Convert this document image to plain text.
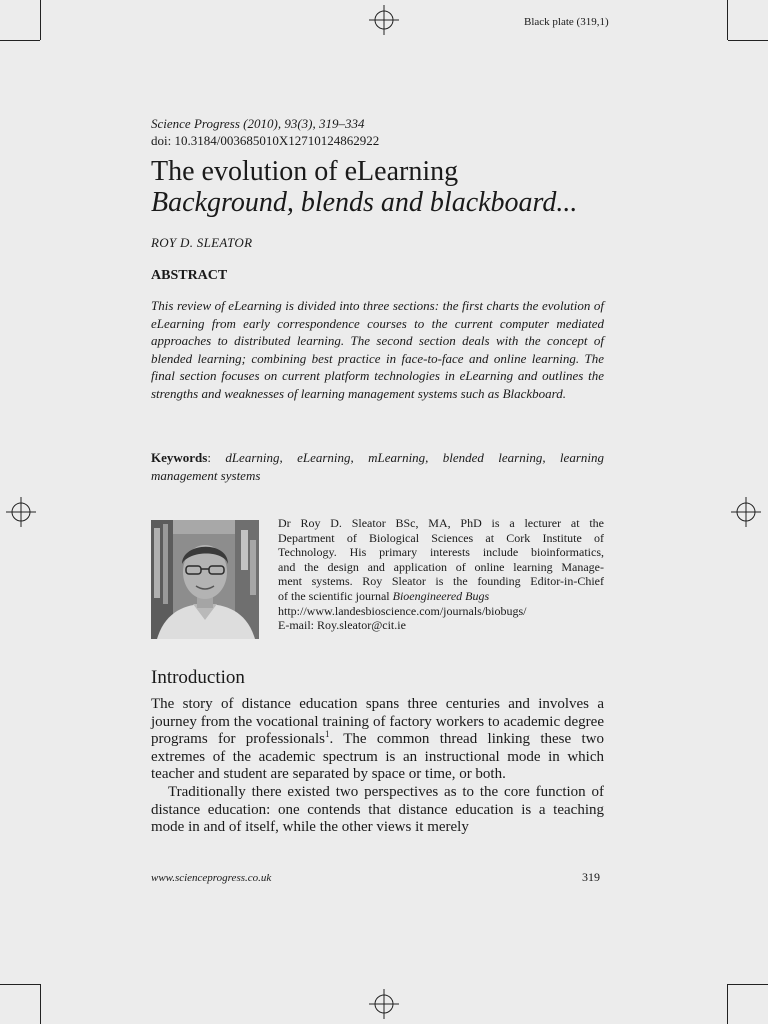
Black plate (319,1)
Science Progress (2010), 93(3), 319–334
doi: 10.3184/003685010X12710124862922
The evolution of eLearning
Background, blends and blackboard...
ROY D. SLEATOR
ABSTRACT
This review of eLearning is divided into three sections: the first charts the evolution of eLearning from early correspondence courses to the current computer mediated approaches to distributed learning. The second section deals with the concept of blended learning; combining best practice in face-to-face and online learning. The final section focuses on current platform technologies in eLearning and outlines the strengths and weaknesses of learning management systems such as Blackboard.
Keywords: dLearning, eLearning, mLearning, blended learning, learning management systems
Dr Roy D. Sleator BSc, MA, PhD is a lecturer at the
Department of Biological Sciences at Cork Institute of
Technology. His primary interests include bioinformatics,
and the design and application of online learning Manage-
ment systems. Roy Sleator is the founding Editor-in-Chief
of the scientific journal Bioengineered Bugs
http://www.landesbioscience.com/journals/biobugs/
E-mail: Roy.sleator@cit.ie
Introduction

The story of distance education spans three centuries and involves a journey from the vocational training of factory workers to academic degree programs for professionals$^1$. The common thread linking these two extremes of the academic spectrum is an instructional mode in which teacher and student are separated by space or time, or both.

Traditionally there existed two perspectives as to the core function of distance education: one contends that distance education is a teaching mode in and of itself, while the other views it merely

www.scienceprogress.co.uk	319
